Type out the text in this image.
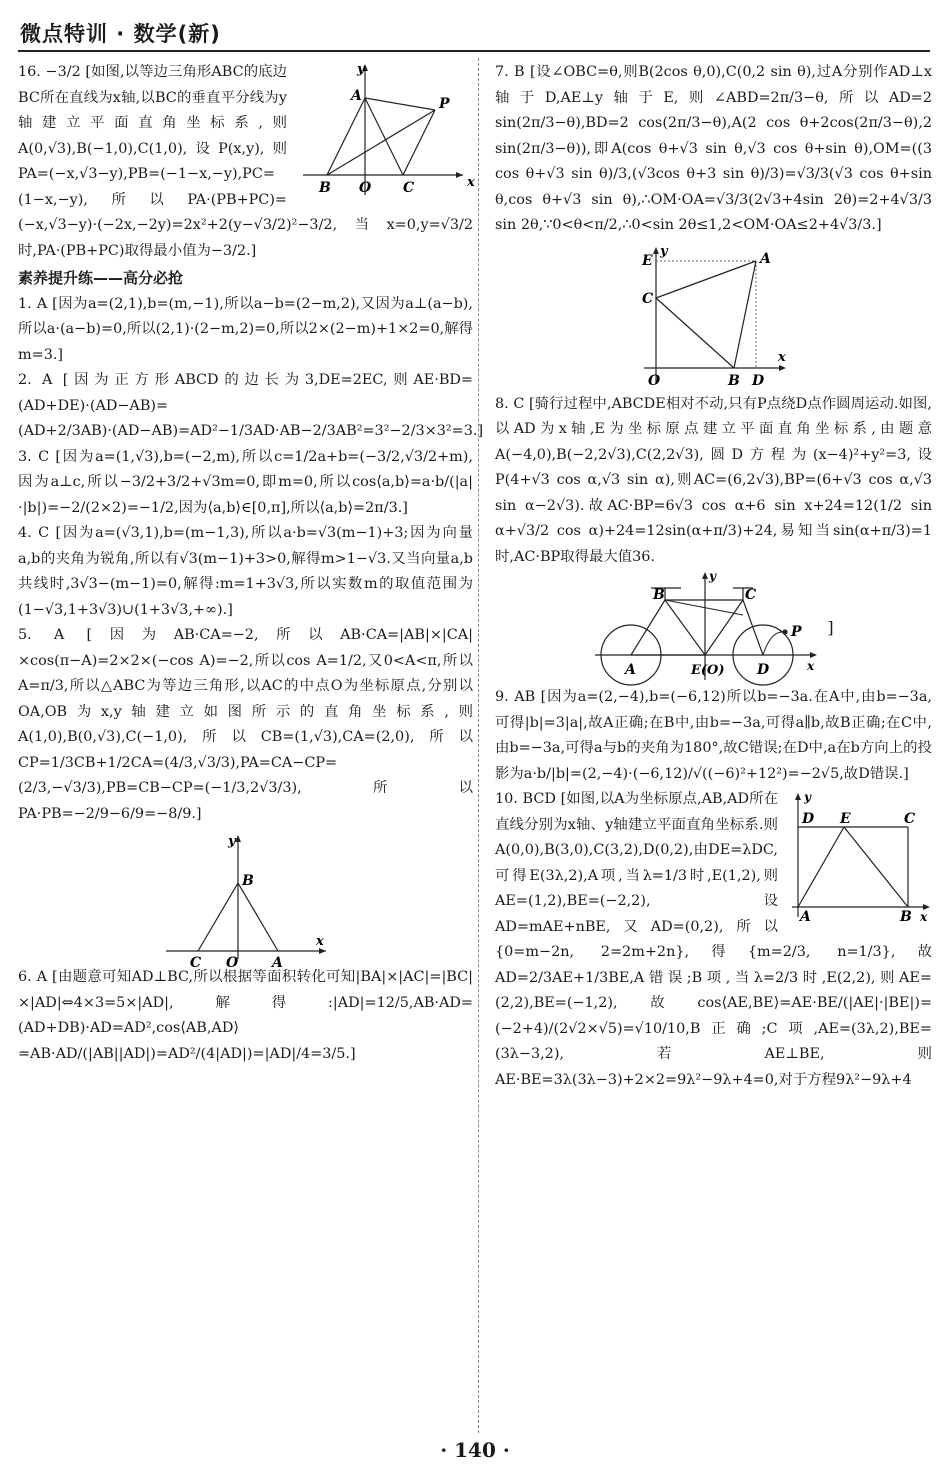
微点特训 · 数学(新)
y
x
A	P
B O C

16. −3/2 [如图,以等边三角形ABC的底边BC所在直线为x轴,以BC的垂直平分线为y轴建立平面直角坐标系,则A(0,√3),B(−1,0),C(1,0),设P(x,y),则PA=(−x,√3−y),PB=(−1−x,−y),PC=(1−x,−y),所以PA·(PB+PC)=(−x,√3−y)·(−2x,−2y)=2x²+2(y−√3/2)²−3/2,当x=0,y=√3/2时,PA·(PB+PC)取得最小值为−3/2.]

素养提升练——高分必抢

1. A [因为a=(2,1),b=(m,−1),所以a−b=(2−m,2),又因为a⊥(a−b),所以a·(a−b)=0,所以(2,1)·(2−m,2)=0,所以2×(2−m)+1×2=0,解得m=3.]

2. A [因为正方形ABCD的边长为3,DE=2EC,则AE·BD=(AD+DE)·(AD−AB)=(AD+2/3AB)·(AD−AB)=AD²−1/3AD·AB−2/3AB²=3²−2/3×3²=3.]

3. C [因为a=(1,√3),b=(−2,m),所以c=1/2a+b=(−3/2,√3/2+m),因为a⊥c,所以−3/2+3/2+√3m=0,即m=0,所以cos⟨a,b⟩=a·b/(|a|·|b|)=−2/(2×2)=−1/2,因为⟨a,b⟩∈[0,π],所以⟨a,b⟩=2π/3.]

4. C [因为a=(√3,1),b=(m−1,3),所以a·b=√3(m−1)+3;因为向量a,b的夹角为锐角,所以有√3(m−1)+3>0,解得m>1−√3.又当向量a,b共线时,3√3−(m−1)=0,解得:m=1+3√3,所以实数m的取值范围为(1−√3,1+3√3)∪(1+3√3,+∞).]

5. A [因为AB·CA=−2,所以AB·CA=|AB|×|CA|×cos(π−A)=2×2×(−cos A)=−2,所以cos A=1/2,又0<A<π,所以A=π/3,所以△ABC为等边三角形,以AC的中点O为坐标原点,分别以OA,OB为x,y轴建立如图所示的直角坐标系,则A(1,0),B(0,√3),C(−1,0),所以CB=(1,√3),CA=(2,0),所以CP=1/3CB+1/2CA=(4/3,√3/3),PA=CA−CP=(2/3,−√3/3),PB=CB−CP=(−1/3,2√3/3),所以PA·PB=−2/9−6/9=−8/9.]

y
x
B
C O A

6. A [由题意可知AD⊥BC,所以根据等面积转化可知|BA|×|AC|=|BC|×|AD|⇔4×3=5×|AD|,解得:|AD|=12/5,AB·AD=(AD+DB)·AD=AD²,cos⟨AB,AD⟩=AB·AD/(|AB||AD|)=AD²/(4|AD|)=|AD|/4=3/5.]

7. B [设∠OBC=θ,则B(2cos θ,0),C(0,2 sin θ),过A分别作AD⊥x轴于D,AE⊥y轴于E,则∠ABD=2π/3−θ,所以AD=2 sin(2π/3−θ),BD=2 cos(2π/3−θ),A(2 cos θ+2cos(2π/3−θ),2 sin(2π/3−θ)),即A(cos θ+√3 sin θ,√3 cos θ+sin θ),OM=((3 cos θ+√3 sin θ)/3,(√3cos θ+3 sin θ)/3)=√3/3(√3 cos θ+sin θ,cos θ+√3 sin θ),∴OM·OA=√3/3(2√3+4sin 2θ)=2+4√3/3 sin 2θ,∵0<θ<π/2,∴0<sin 2θ≤1,2<OM·OA≤2+4√3/3.]

y
x
E
C
A
O	B D

8. C [骑行过程中,ABCDE相对不动,只有P点绕D点作圆周运动.如图,以AD为x轴,E为坐标原点建立平面直角坐标系,由题意A(−4,0),B(−2,2√3),C(2,2√3),圆D方程为(x−4)²+y²=3,设P(4+√3 cos α,√3 sin α),则AC=(6,2√3),BP=(6+√3 cos α,√3 sin α−2√3).故AC·BP=6√3 cos α+6 sin x+24=12(1/2 sin α+√3/2 cos α)+24=12sin(α+π/3)+24,易知当sin(α+π/3)=1时,AC·BP取得最大值36.

y
x
B	C
P
A	E(O) D
]

9. AB [因为a=(2,−4),b=(−6,12)所以b=−3a.在A中,由b=−3a,可得|b|=3|a|,故A正确;在B中,由b=−3a,可得a∥b,故B正确;在C中,由b=−3a,可得a与b的夹角为180°,故C错误;在D中,a在b方向上的投影为a·b/|b|=(2,−4)·(−6,12)/√((−6)²+12²)=−2√5,故D错误.]

y
x
D E	C
A	B

10. BCD [如图,以A为坐标原点,AB,AD所在直线分别为x轴、y轴建立平面直角坐标系.则A(0,0),B(3,0),C(3,2),D(0,2),由DE=λDC,可得E(3λ,2),A项,当λ=1/3时,E(1,2),则AE=(1,2),BE=(−2,2),设AD=mAE+nBE,又AD=(0,2),所以{0=m−2n, 2=2m+2n},得{m=2/3, n=1/3},故AD=2/3AE+1/3BE,A错误;B项,当λ=2/3时,E(2,2),则AE=(2,2),BE=(−1,2),故cos⟨AE,BE⟩=AE·BE/(|AE|·|BE|)=(−2+4)/(2√2×√5)=√10/10,B正确;C项,AE=(3λ,2),BE=(3λ−3,2),若AE⊥BE,则AE·BE=3λ(3λ−3)+2×2=9λ²−9λ+4=0,对于方程9λ²−9λ+4

· 140 ·
